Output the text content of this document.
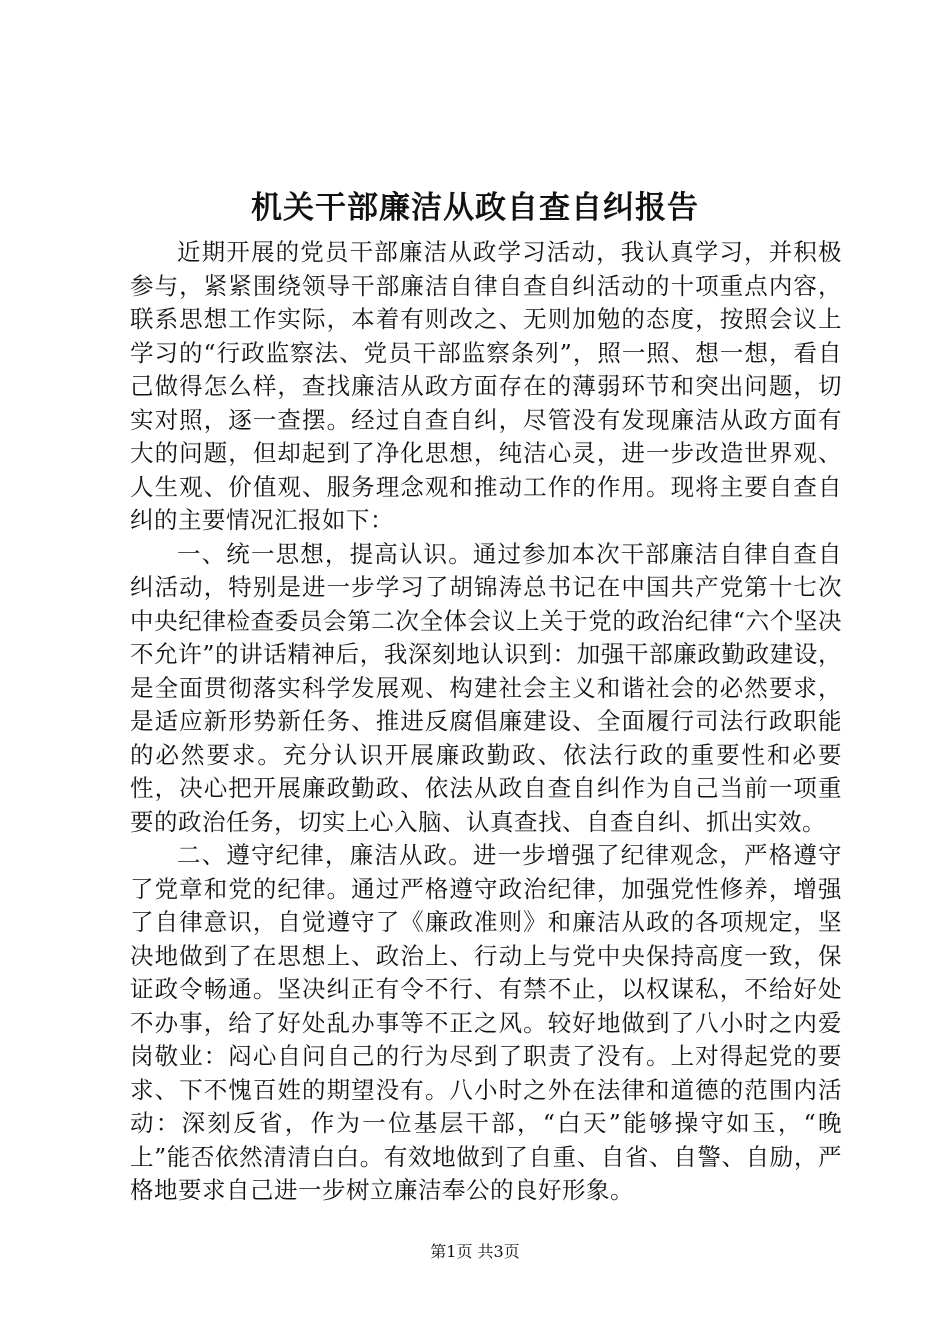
机关干部廉洁从政自查自纠报告

近期开展的党员干部廉洁从政学习活动，我认真学习，并积极参与，紧紧围绕领导干部廉洁自律自查自纠活动的十项重点内容，联系思想工作实际，本着有则改之、无则加勉的态度，按照会议上学习的“行政监察法、党员干部监察条列”，照一照、想一想，看自己做得怎么样，查找廉洁从政方面存在的薄弱环节和突出问题，切实对照，逐一查摆。经过自查自纠，尽管没有发现廉洁从政方面有大的问题，但却起到了净化思想，纯洁心灵，进一步改造世界观、人生观、价值观、服务理念观和推动工作的作用。现将主要自查自纠的主要情况汇报如下：

一、统一思想，提高认识。通过参加本次干部廉洁自律自查自纠活动，特别是进一步学习了胡锦涛总书记在中国共产党第十七次中央纪律检查委员会第二次全体会议上关于党的政治纪律“六个坚决不允许”的讲话精神后，我深刻地认识到：加强干部廉政勤政建设，是全面贯彻落实科学发展观、构建社会主义和谐社会的必然要求，是适应新形势新任务、推进反腐倡廉建设、全面履行司法行政职能的必然要求。充分认识开展廉政勤政、依法行政的重要性和必要性，决心把开展廉政勤政、依法从政自查自纠作为自己当前一项重要的政治任务，切实上心入脑、认真查找、自查自纠、抓出实效。

二、遵守纪律，廉洁从政。进一步增强了纪律观念，严格遵守了党章和党的纪律。通过严格遵守政治纪律，加强党性修养，增强了自律意识，自觉遵守了《廉政准则》和廉洁从政的各项规定，坚决地做到了在思想上、政治上、行动上与党中央保持高度一致，保证政令畅通。坚决纠正有令不行、有禁不止，以权谋私，不给好处不办事，给了好处乱办事等不正之风。较好地做到了八小时之内爱岗敬业：闷心自问自己的行为尽到了职责了没有。上对得起党的要求、下不愧百姓的期望没有。八小时之外在法律和道德的范围内活动：深刻反省，作为一位基层干部，“白天”能够操守如玉，“晚上”能否依然清清白白。有效地做到了自重、自省、自警、自励，严格地要求自己进一步树立廉洁奉公的良好形象。

第1页 共3页
